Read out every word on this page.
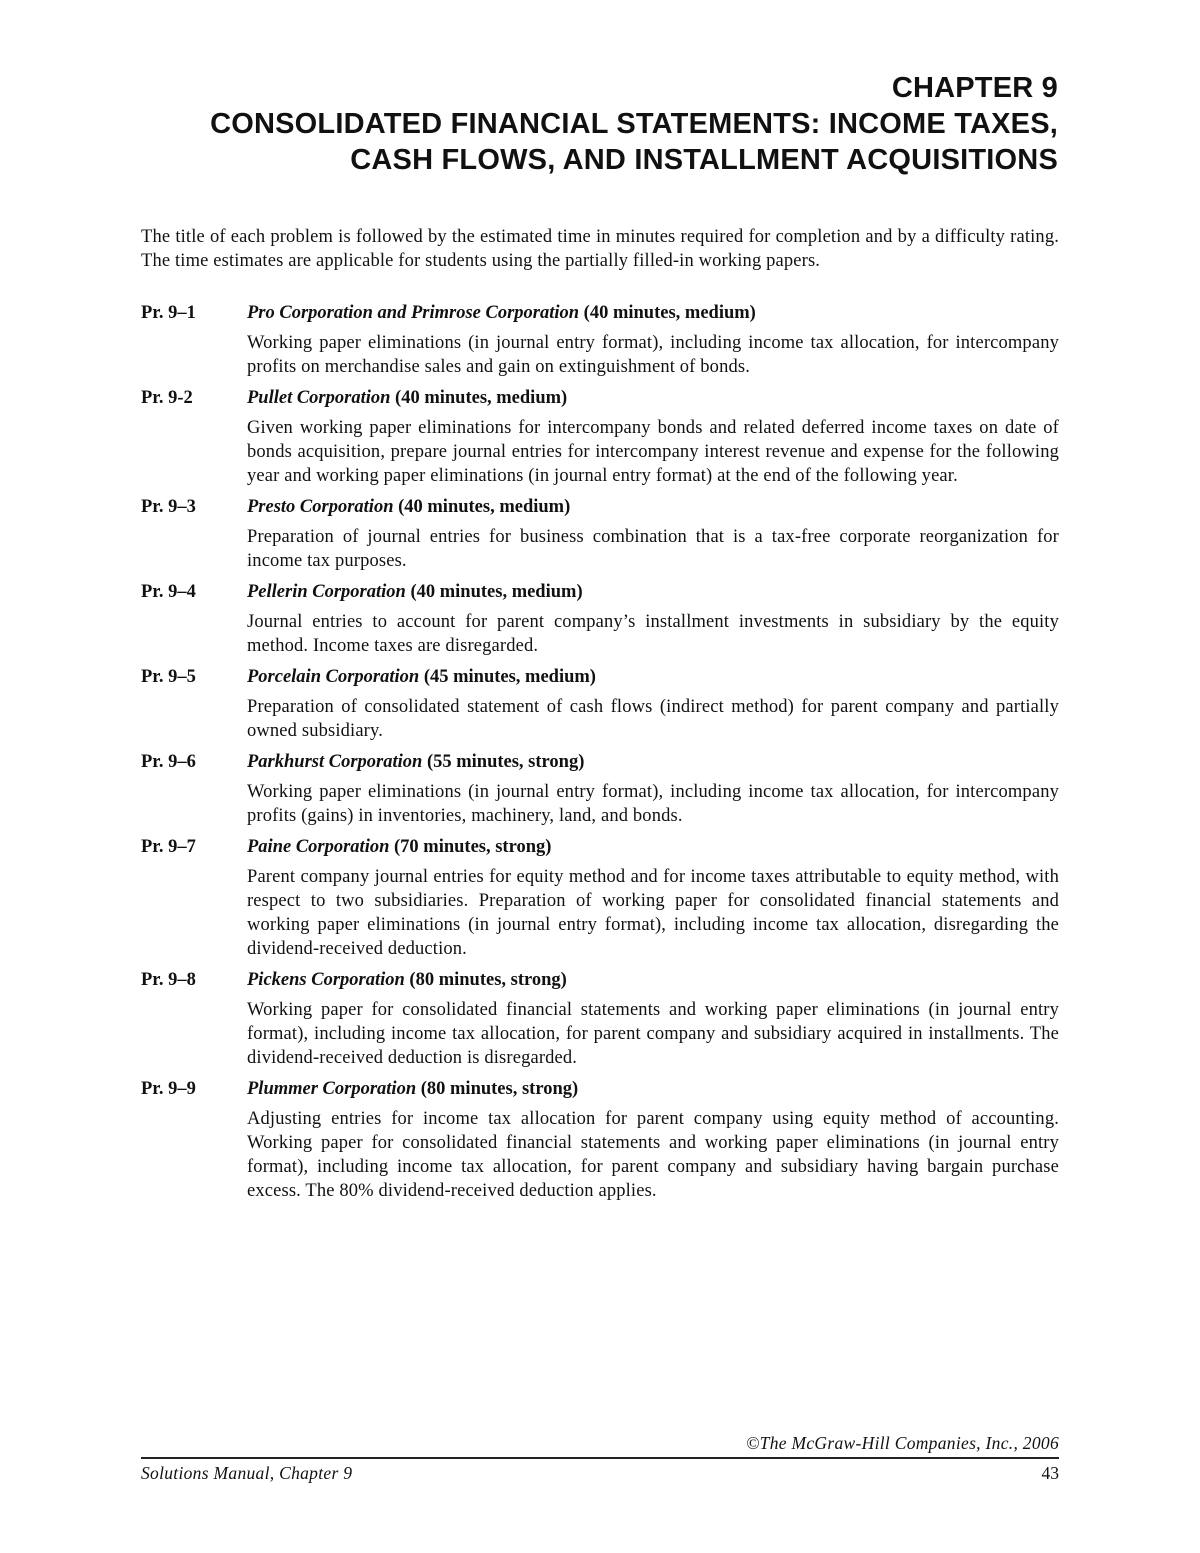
CHAPTER 9
CONSOLIDATED FINANCIAL STATEMENTS: INCOME TAXES,
CASH FLOWS, AND INSTALLMENT ACQUISITIONS

The title of each problem is followed by the estimated time in minutes required for completion and by a difficulty rating. The time estimates are applicable for students using the partially filled-in working papers.

Pr. 9–1	Pro Corporation and Primrose Corporation (40 minutes, medium)
Working paper eliminations (in journal entry format), including income tax allocation, for intercompany profits on merchandise sales and gain on extinguishment of bonds.
Pr. 9-2	Pullet Corporation (40 minutes, medium)
Given working paper eliminations for intercompany bonds and related deferred income taxes on date of bonds acquisition, prepare journal entries for intercompany interest revenue and expense for the following year and working paper eliminations (in journal entry format) at the end of the following year.
Pr. 9–3	Presto Corporation (40 minutes, medium)
Preparation of journal entries for business combination that is a tax-free corporate reorganization for income tax purposes.
Pr. 9–4	Pellerin Corporation (40 minutes, medium)
Journal entries to account for parent company’s installment investments in subsidiary by the equity method. Income taxes are disregarded.
Pr. 9–5	Porcelain Corporation (45 minutes, medium)
Preparation of consolidated statement of cash flows (indirect method) for parent company and partially owned subsidiary.
Pr. 9–6	Parkhurst Corporation (55 minutes, strong)
Working paper eliminations (in journal entry format), including income tax allocation, for intercompany profits (gains) in inventories, machinery, land, and bonds.
Pr. 9–7	Paine Corporation (70 minutes, strong)
Parent company journal entries for equity method and for income taxes attributable to equity method, with respect to two subsidiaries. Preparation of working paper for consolidated financial statements and working paper eliminations (in journal entry format), including income tax allocation, disregarding the dividend-received deduction.
Pr. 9–8	Pickens Corporation (80 minutes, strong)
Working paper for consolidated financial statements and working paper eliminations (in journal entry format), including income tax allocation, for parent company and subsidiary acquired in installments. The dividend-received deduction is disregarded.
Pr. 9–9	Plummer Corporation (80 minutes, strong)
Adjusting entries for income tax allocation for parent company using equity method of accounting. Working paper for consolidated financial statements and working paper eliminations (in journal entry format), including income tax allocation, for parent company and subsidiary having bargain purchase excess. The 80% dividend-received deduction applies.
©The McGraw-Hill Companies, Inc., 2006
Solutions Manual, Chapter 9	43
